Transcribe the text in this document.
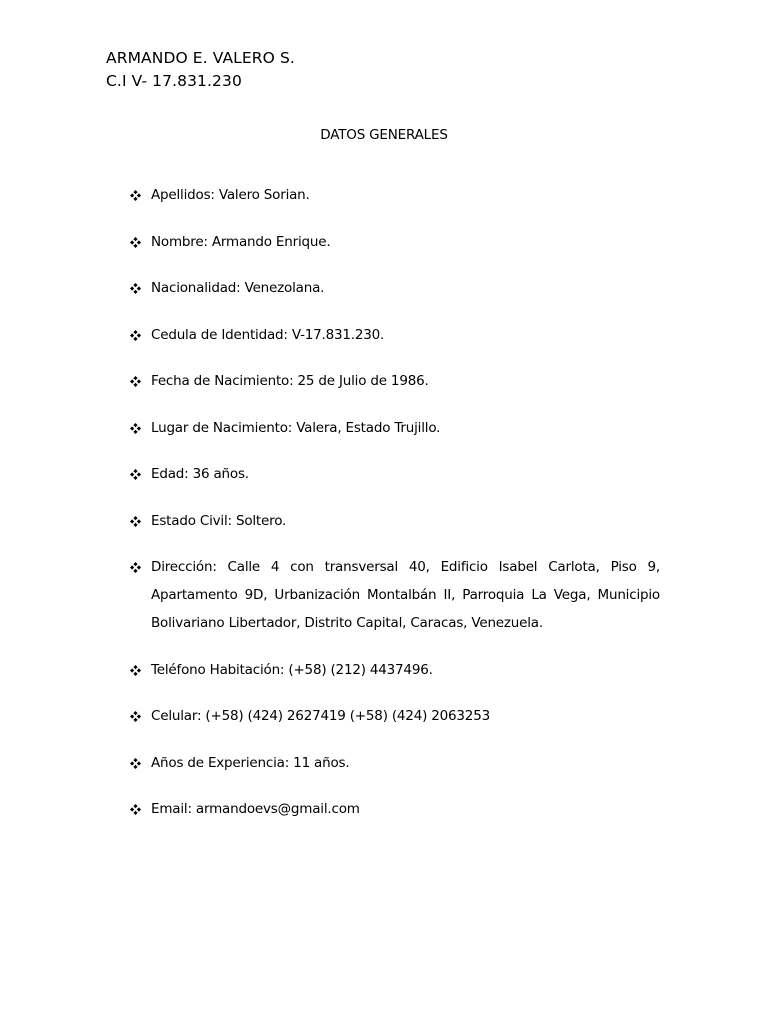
ARMANDO E. VALERO S.
C.I V- 17.831.230
DATOS GENERALES
Apellidos: Valero Sorian.
Nombre: Armando Enrique.
Nacionalidad: Venezolana.
Cedula de Identidad: V-17.831.230.
Fecha de Nacimiento: 25 de Julio de 1986.
Lugar de Nacimiento: Valera, Estado Trujillo.
Edad: 36 años.
Estado Civil: Soltero.
Dirección: Calle 4 con transversal 40, Edificio Isabel Carlota, Piso 9, Apartamento 9D, Urbanización Montalbán II, Parroquia La Vega, Municipio Bolivariano Libertador, Distrito Capital, Caracas, Venezuela.
Teléfono Habitación: (+58) (212) 4437496.
Celular: (+58) (424) 2627419 (+58) (424) 2063253
Años de Experiencia: 11 años.
Email: armandoevs@gmail.com
